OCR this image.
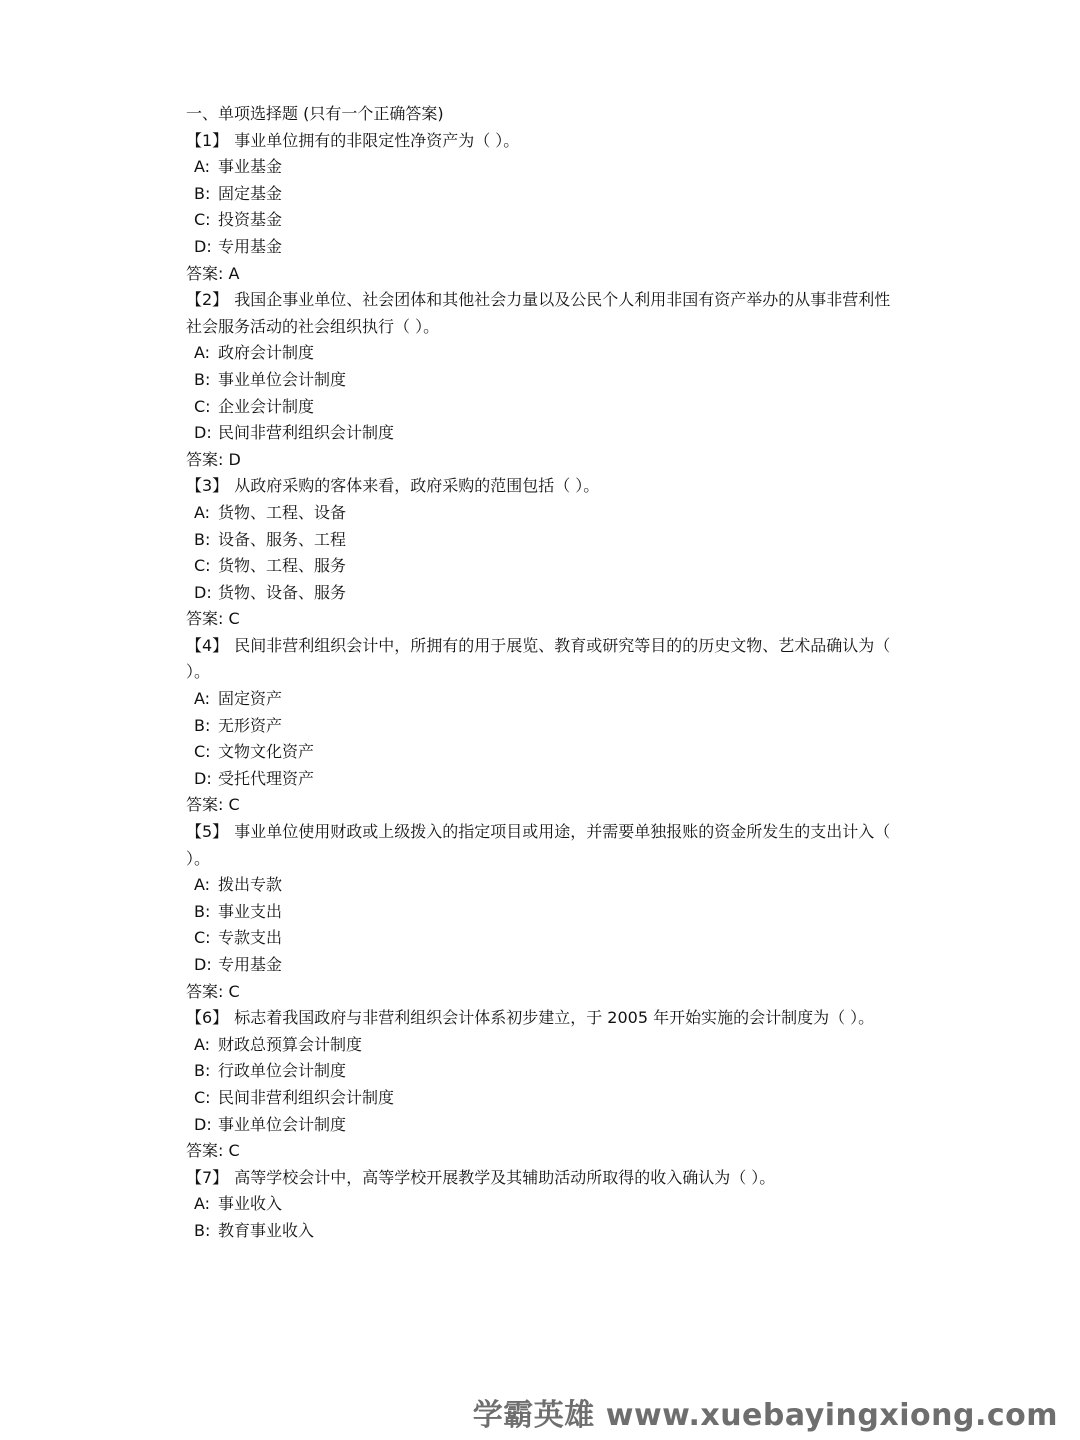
一、单项选择题 (只有一个正确答案)
【1】 事业单位拥有的非限定性净资产为（ ）。
A: 事业基金
B: 固定基金
C: 投资基金
D: 专用基金
答案: A
【2】 我国企事业单位、社会团体和其他社会力量以及公民个人利用非国有资产举办的从事非营利性社会服务活动的社会组织执行（ ）。
A: 政府会计制度
B: 事业单位会计制度
C: 企业会计制度
D: 民间非营利组织会计制度
答案: D
【3】 从政府采购的客体来看，政府采购的范围包括（ ）。
A: 货物、工程、设备
B: 设备、服务、工程
C: 货物、工程、服务
D: 货物、设备、服务
答案: C
【4】 民间非营利组织会计中，所拥有的用于展览、教育或研究等目的的历史文物、艺术品确认为（ ）。
A: 固定资产
B: 无形资产
C: 文物文化资产
D: 受托代理资产
答案: C
【5】 事业单位使用财政或上级拨入的指定项目或用途，并需要单独报账的资金所发生的支出计入（ ）。
A: 拨出专款
B: 事业支出
C: 专款支出
D: 专用基金
答案: C
【6】 标志着我国政府与非营利组织会计体系初步建立，于 2005 年开始实施的会计制度为（ ）。
A: 财政总预算会计制度
B: 行政单位会计制度
C: 民间非营利组织会计制度
D: 事业单位会计制度
答案: C
【7】 高等学校会计中，高等学校开展教学及其辅助活动所取得的收入确认为（ ）。
A: 事业收入
B: 教育事业收入
学霸英雄 www.xuebayingxiong.com
